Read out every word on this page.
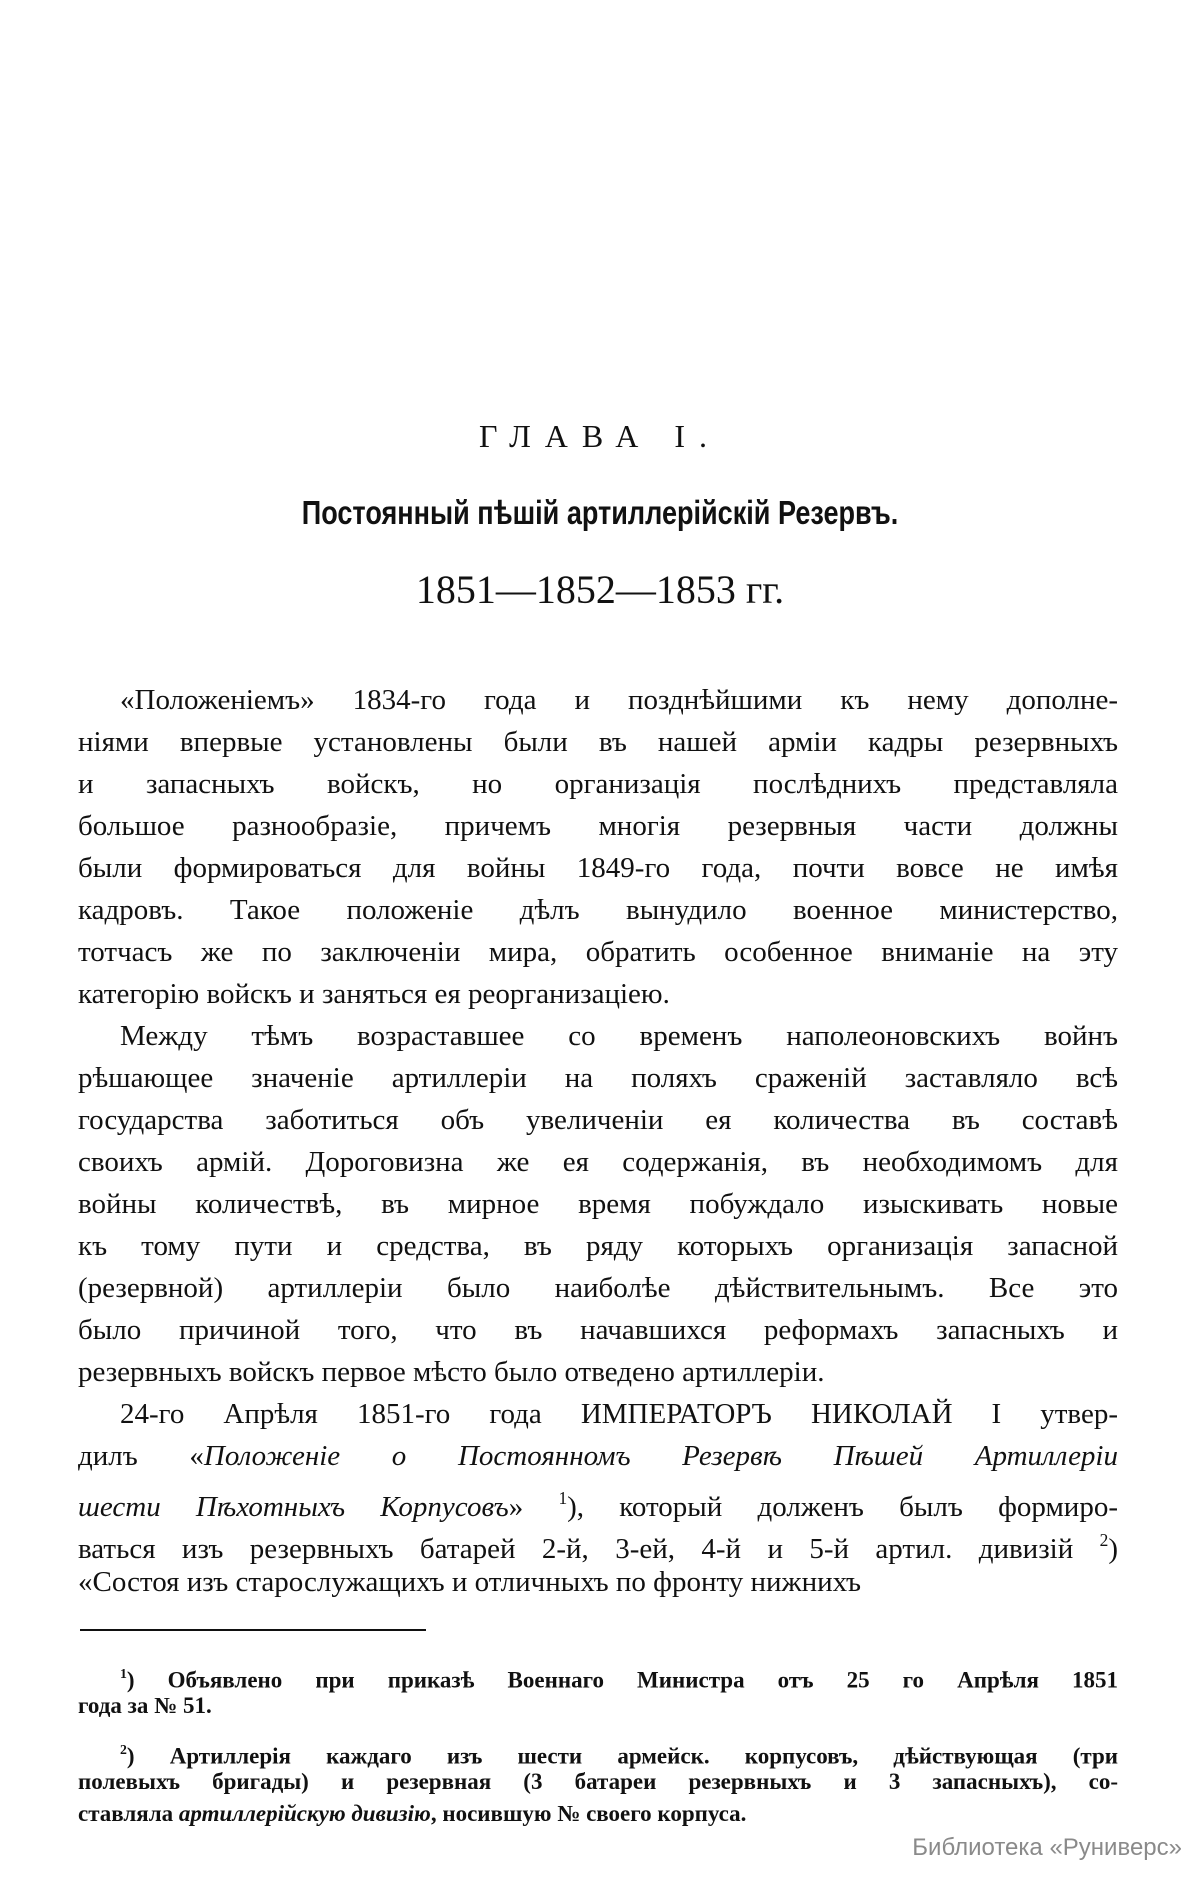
ГЛАВА I.
Постоянный пѣшій артиллерійскій Резервъ.
1851—1852—1853 гг.
«Положеніемъ» 1834-го года и позднѣйшими къ нему дополне-
ніями впервые установлены были въ нашей арміи кадры резервныхъ
и запасныхъ войскъ, но организація послѣднихъ представляла
большое разнообразіе, причемъ многія резервныя части должны
были формироваться для войны 1849-го года, почти вовсе не имѣя
кадровъ. Такое положеніе дѣлъ вынудило военное министерство,
тотчасъ же по заключеніи мира, обратить особенное вниманіе на эту
категорію войскъ и заняться ея реорганизаціею.
Между тѣмъ возраставшее со временъ наполеоновскихъ войнъ
рѣшающее значеніе артиллеріи на поляхъ сраженій заставляло всѣ
государства заботиться объ увеличеніи ея количества въ составѣ
своихъ армій. Дороговизна же ея содержанія, въ необходимомъ для
войны количествѣ, въ мирное время побуждало изыскивать новые
къ тому пути и средства, въ ряду которыхъ организація запасной
(резервной) артиллеріи было наиболѣе дѣйствительнымъ. Все это
было причиной того, что въ начавшихся реформахъ запасныхъ и
резервныхъ войскъ первое мѣсто было отведено артиллеріи.
24-го Апрѣля 1851-го года ИМПЕРАТОРЪ НИКОЛАЙ I утвер-
дилъ «Положеніе о Постоянномъ Резервѣ Пѣшей Артиллеріи
шести Пѣхотныхъ Корпусовъ» $^1$), который долженъ былъ формиро-
ваться изъ резервныхъ батарей 2-й, 3-ей, 4-й и 5-й артил. дивизій $^2$)
«Состоя изъ старослужащихъ и отличныхъ по фронту нижнихъ
$^1$) Объявлено при приказѣ Военнаго Министра отъ 25 го Апрѣля 1851
года за № 51.
$^2$) Артиллерія каждаго изъ шести армейск. корпусовъ, дѣйствующая (три
полевыхъ бригады) и резервная (3 батареи резервныхъ и 3 запасныхъ), со-
ставляла артиллерійскую дивизію, носившую № своего корпуса.
Библиотека «Руниверс»
